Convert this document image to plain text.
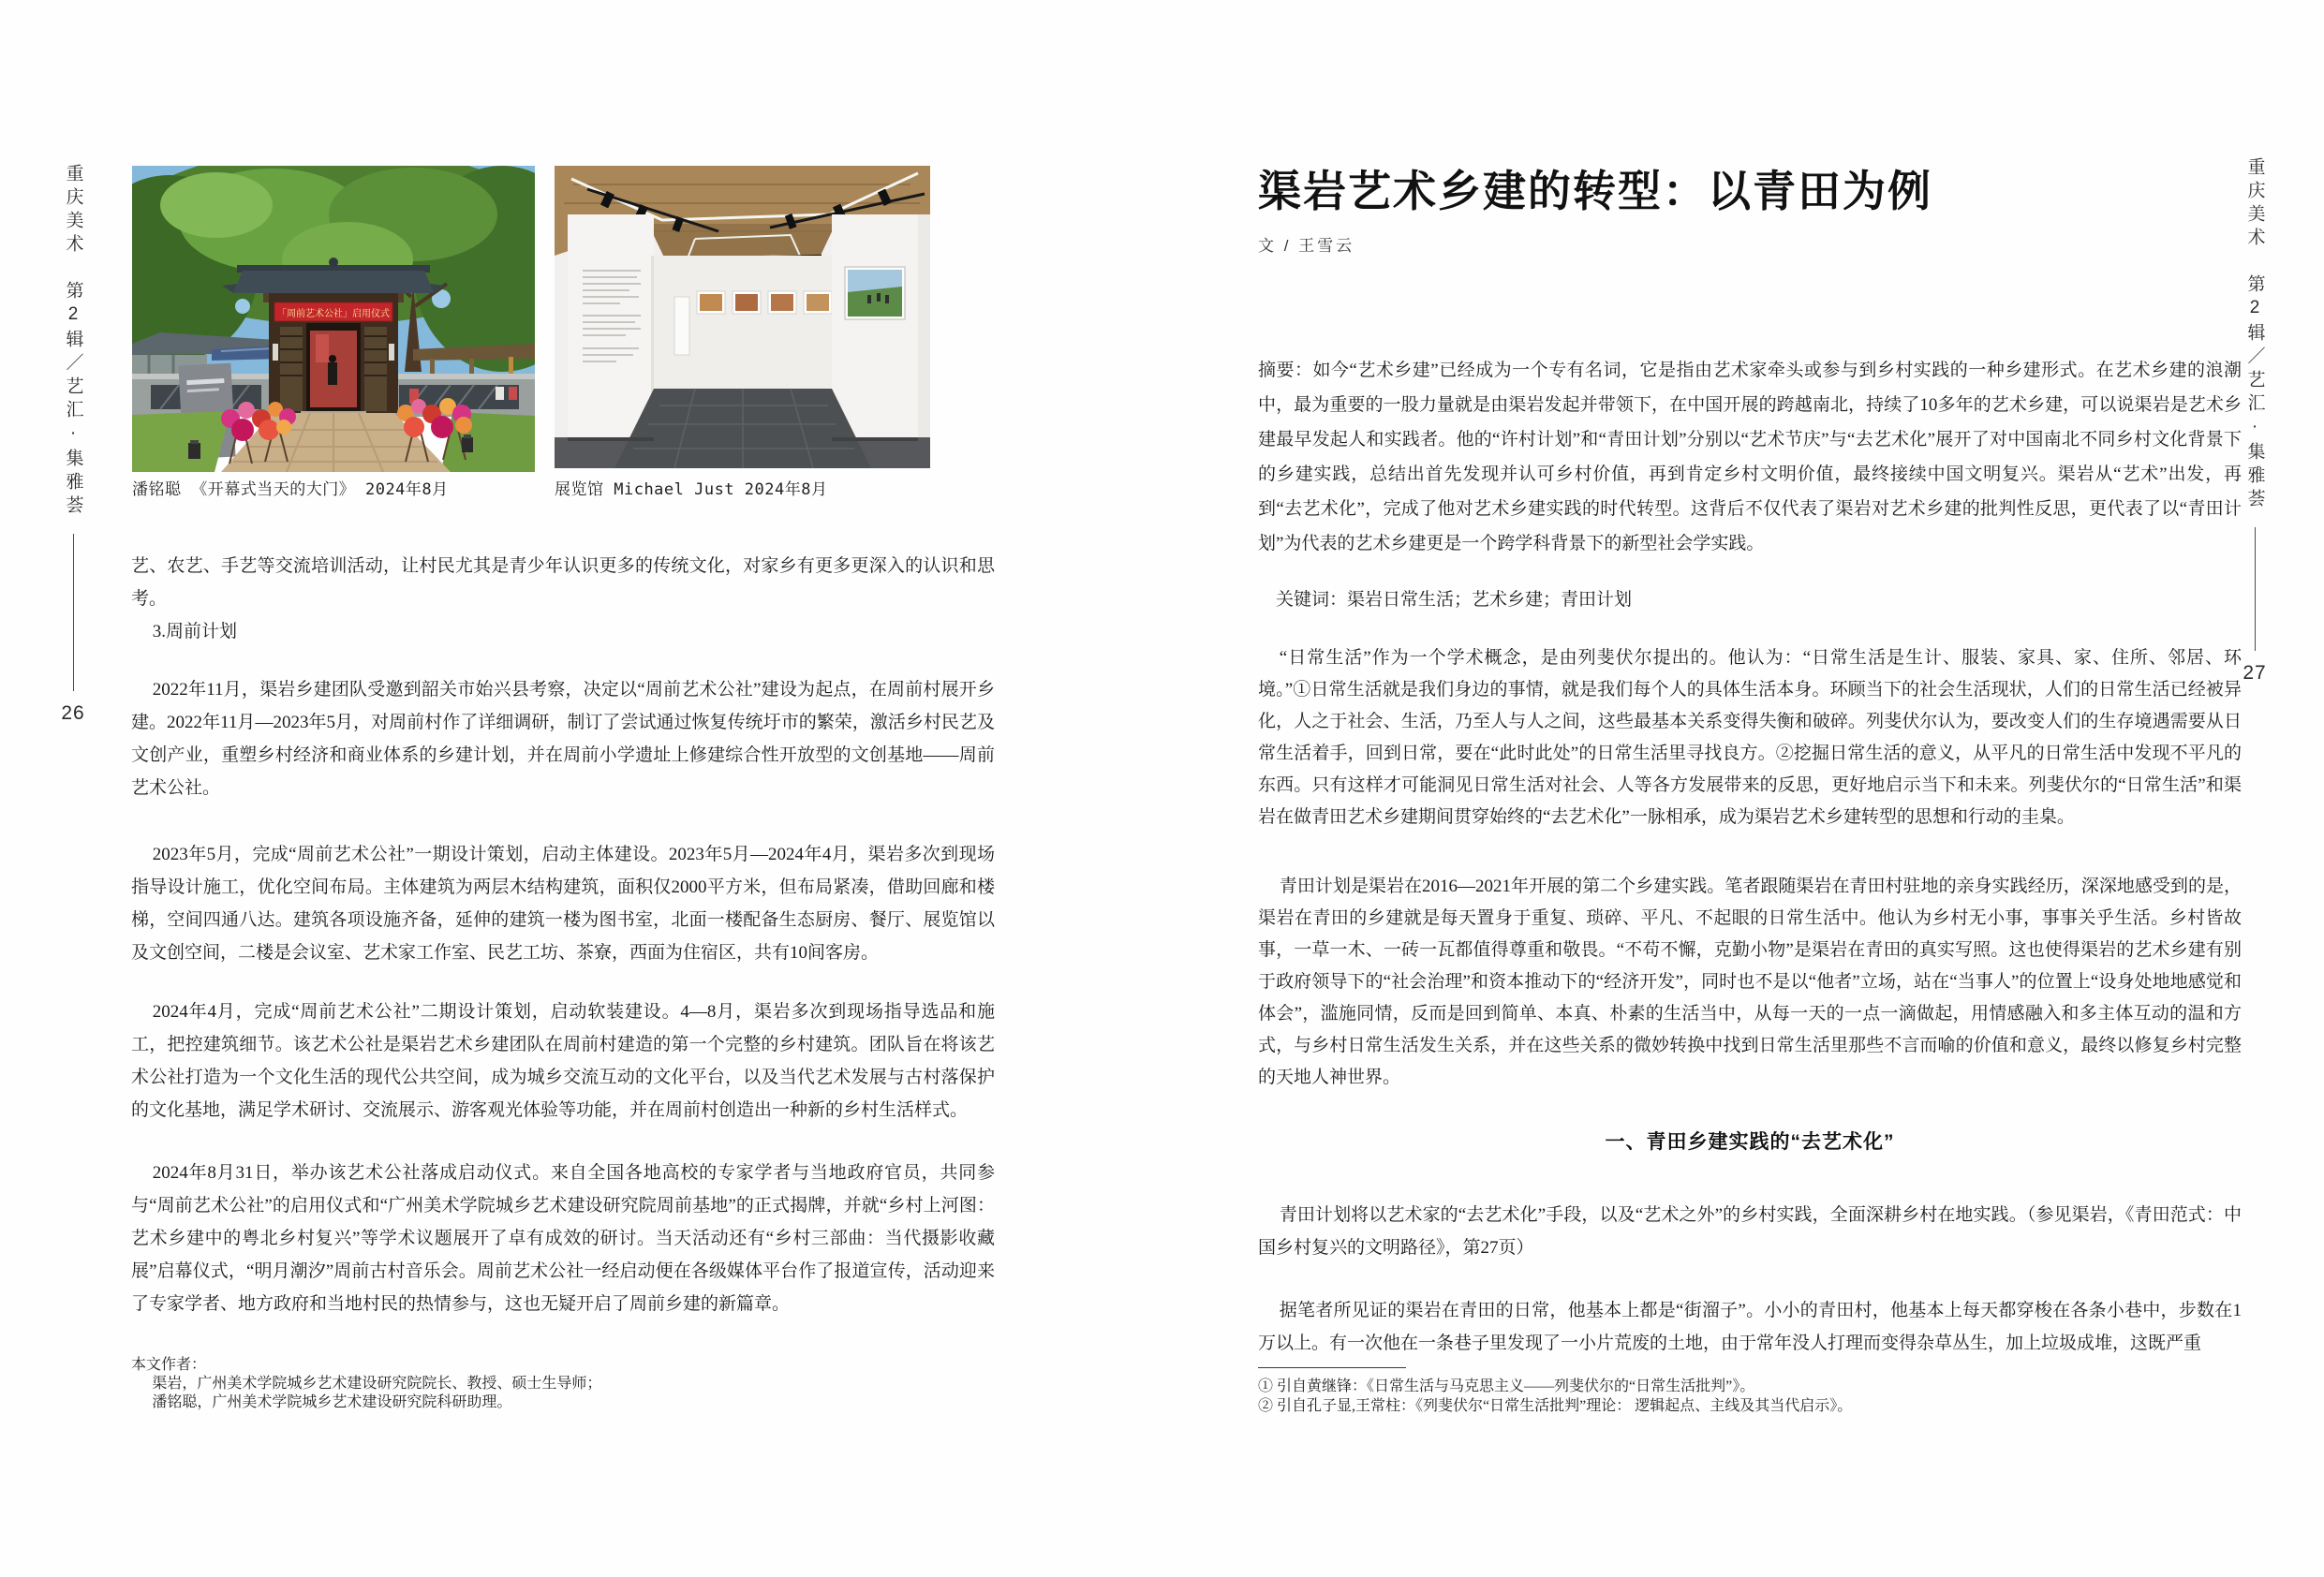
重庆美术　第2辑／艺汇·集雅荟
26
「周前艺术公社」启用仪式
潘铭聪 《开幕式当天的大门》 2024年8月	展览馆 Michael Just 2024年8月
艺、农艺、手艺等交流培训活动，让村民尤其是青少年认识更多的传统文化，对家乡有更多更深入的认识和思考。
3.周前计划
2022年11月，渠岩乡建团队受邀到韶关市始兴县考察，决定以“周前艺术公社”建设为起点，在周前村展开乡建。2022年11月—2023年5月，对周前村作了详细调研，制订了尝试通过恢复传统圩市的繁荣，激活乡村民艺及文创产业，重塑乡村经济和商业体系的乡建计划，并在周前小学遗址上修建综合性开放型的文创基地——周前艺术公社。
2023年5月，完成“周前艺术公社”一期设计策划，启动主体建设。2023年5月—2024年4月，渠岩多次到现场指导设计施工，优化空间布局。主体建筑为两层木结构建筑，面积仅2000平方米，但布局紧凑，借助回廊和楼梯，空间四通八达。建筑各项设施齐备，延伸的建筑一楼为图书室，北面一楼配备生态厨房、餐厅、展览馆以及文创空间，二楼是会议室、艺术家工作室、民艺工坊、茶寮，西面为住宿区，共有10间客房。
2024年4月，完成“周前艺术公社”二期设计策划，启动软装建设。4—8月，渠岩多次到现场指导选品和施工，把控建筑细节。该艺术公社是渠岩艺术乡建团队在周前村建造的第一个完整的乡村建筑。团队旨在将该艺术公社打造为一个文化生活的现代公共空间，成为城乡交流互动的文化平台，以及当代艺术发展与古村落保护的文化基地，满足学术研讨、交流展示、游客观光体验等功能，并在周前村创造出一种新的乡村生活样式。
2024年8月31日，举办该艺术公社落成启动仪式。来自全国各地高校的专家学者与当地政府官员，共同参与“周前艺术公社”的启用仪式和“广州美术学院城乡艺术建设研究院周前基地”的正式揭牌，并就“乡村上河图：艺术乡建中的粤北乡村复兴”等学术议题展开了卓有成效的研讨。当天活动还有“乡村三部曲：当代摄影收藏展”启幕仪式，“明月潮汐”周前古村音乐会。周前艺术公社一经启动便在各级媒体平台作了报道宣传，活动迎来了专家学者、地方政府和当地村民的热情参与，这也无疑开启了周前乡建的新篇章。
本文作者：
渠岩，广州美术学院城乡艺术建设研究院院长、教授、硕士生导师；
潘铭聪，广州美术学院城乡艺术建设研究院科研助理。
渠岩艺术乡建的转型：以青田为例
文 / 王雪云
摘要：如今“艺术乡建”已经成为一个专有名词，它是指由艺术家牵头或参与到乡村实践的一种乡建形式。在艺术乡建的浪潮中，最为重要的一股力量就是由渠岩发起并带领下，在中国开展的跨越南北，持续了10多年的艺术乡建，可以说渠岩是艺术乡建最早发起人和实践者。他的“许村计划”和“青田计划”分别以“艺术节庆”与“去艺术化”展开了对中国南北不同乡村文化背景下的乡建实践，总结出首先发现并认可乡村价值，再到肯定乡村文明价值，最终接续中国文明复兴。渠岩从“艺术”出发，再到“去艺术化”，完成了他对艺术乡建实践的时代转型。这背后不仅代表了渠岩对艺术乡建的批判性反思，更代表了以“青田计划”为代表的艺术乡建更是一个跨学科背景下的新型社会学实践。
关键词：渠岩日常生活；艺术乡建；青田计划
“日常生活”作为一个学术概念，是由列斐伏尔提出的。他认为：“日常生活是生计、服装、家具、家、住所、邻居、环境。”①日常生活就是我们身边的事情，就是我们每个人的具体生活本身。环顾当下的社会生活现状，人们的日常生活已经被异化，人之于社会、生活，乃至人与人之间，这些最基本关系变得失衡和破碎。列斐伏尔认为，要改变人们的生存境遇需要从日常生活着手，回到日常，要在“此时此处”的日常生活里寻找良方。②挖掘日常生活的意义，从平凡的日常生活中发现不平凡的东西。只有这样才可能洞见日常生活对社会、人等各方发展带来的反思，更好地启示当下和未来。列斐伏尔的“日常生活”和渠岩在做青田艺术乡建期间贯穿始终的“去艺术化”一脉相承，成为渠岩艺术乡建转型的思想和行动的圭臬。
青田计划是渠岩在2016—2021年开展的第二个乡建实践。笔者跟随渠岩在青田村驻地的亲身实践经历，深深地感受到的是，渠岩在青田的乡建就是每天置身于重复、琐碎、平凡、不起眼的日常生活中。他认为乡村无小事，事事关乎生活。乡村皆故事，一草一木、一砖一瓦都值得尊重和敬畏。“不苟不懈，克勤小物”是渠岩在青田的真实写照。这也使得渠岩的艺术乡建有别于政府领导下的“社会治理”和资本推动下的“经济开发”，同时也不是以“他者”立场，站在“当事人”的位置上“设身处地地感觉和体会”，滥施同情，反而是回到简单、本真、朴素的生活当中，从每一天的一点一滴做起，用情感融入和多主体互动的温和方式，与乡村日常生活发生关系，并在这些关系的微妙转换中找到日常生活里那些不言而喻的价值和意义，最终以修复乡村完整的天地人神世界。
一、青田乡建实践的“去艺术化”
青田计划将以艺术家的“去艺术化”手段，以及“艺术之外”的乡村实践，全面深耕乡村在地实践。（参见渠岩，《青田范式：中国乡村复兴的文明路径》，第27页）
据笔者所见证的渠岩在青田的日常，他基本上都是“街溜子”。小小的青田村，他基本上每天都穿梭在各条小巷中，步数在1万以上。有一次他在一条巷子里发现了一小片荒废的土地，由于常年没人打理而变得杂草丛生，加上垃圾成堆，这既严重
① 引自黄继锋：《日常生活与马克思主义——列斐伏尔的“日常生活批判”》。
② 引自孔子显,王常柱：《列斐伏尔“日常生活批判”理论： 逻辑起点、主线及其当代启示》。
重庆美术　第2辑／艺汇·集雅荟
27
